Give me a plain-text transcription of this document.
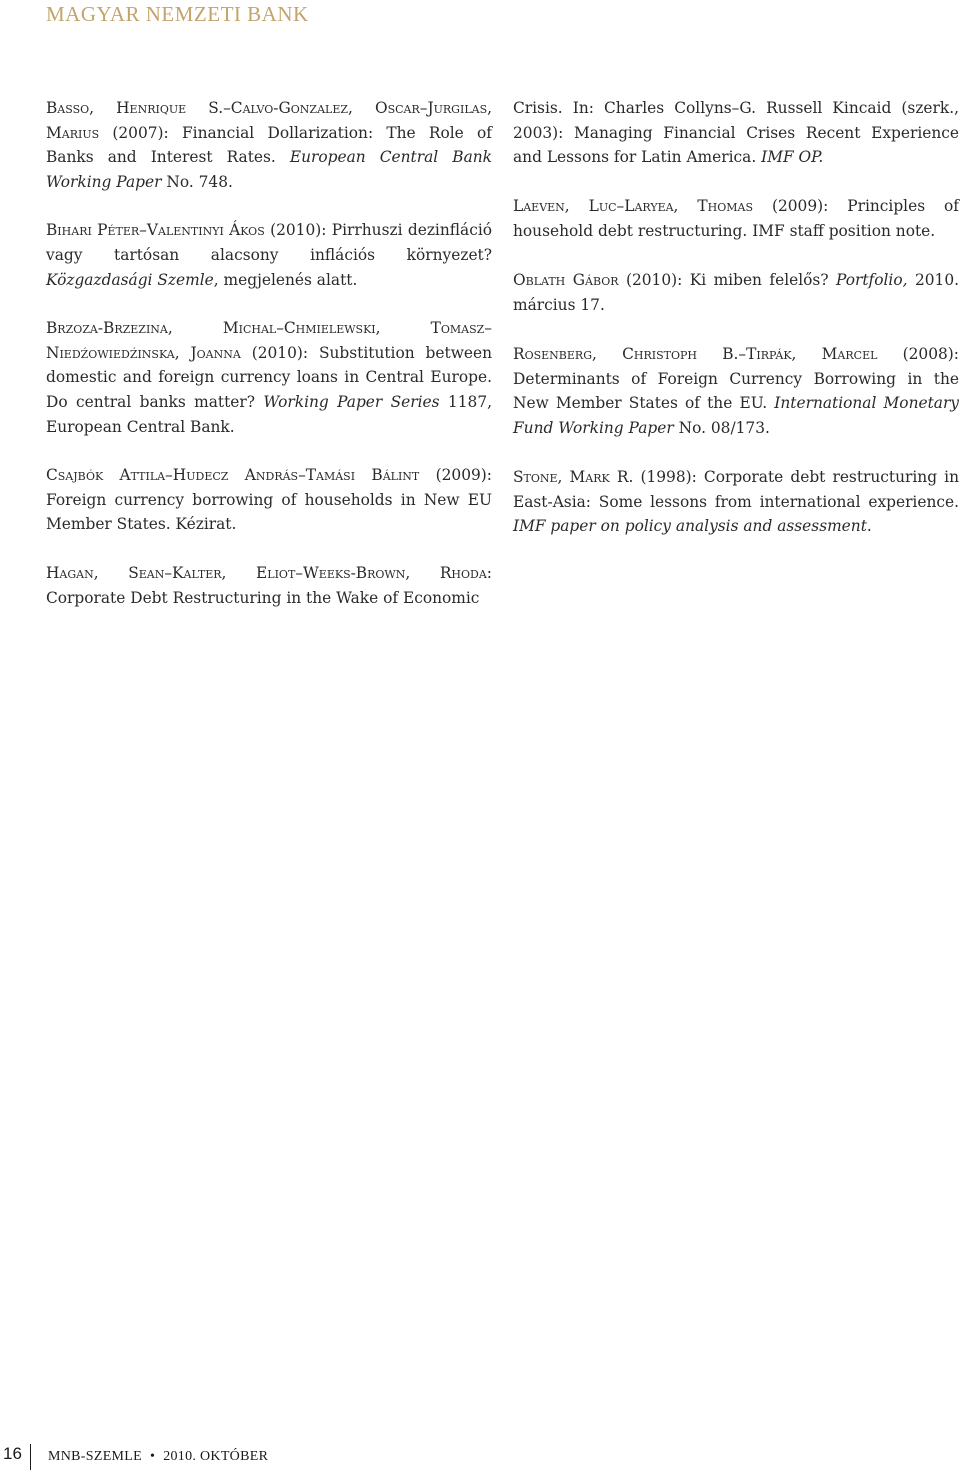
MAGYAR NEMZETI BANK

Basso, Henrique S.–Calvo-Gonzalez, Oscar–Jurgilas, Marius (2007): Financial Dollarization: The Role of Banks and Interest Rates. European Central Bank Working Paper No. 748.

Bihari Péter–Valentinyi Ákos (2010): Pirrhuszi dezinfláció vagy tartósan alacsony inflációs környezet? Közgazdasági Szemle, megjelenés alatt.

Brzoza-Brzezina, Michal–Chmielewski, Tomasz–Niedźowiedźinska, Joanna (2010): Substitution between domestic and foreign currency loans in Central Europe. Do central banks matter? Working Paper Series 1187, European Central Bank.

Csajbók Attila–Hudecz András–Tamási Bálint (2009): Foreign currency borrowing of households in New EU Member States. Kézirat.

Hagan, Sean–Kalter, Eliot–Weeks-Brown, Rhoda: Corporate Debt Restructuring in the Wake of Economic

Crisis. In: Charles Collyns–G. Russell Kincaid (szerk., 2003): Managing Financial Crises Recent Experience and Lessons for Latin America. IMF OP.

Laeven, Luc–Laryea, Thomas (2009): Principles of household debt restructuring. IMF staff position note.

Oblath Gábor (2010): Ki miben felelős? Portfolio, 2010. március 17.

Rosenberg, Christoph B.–Tirpák, Marcel (2008): Determinants of Foreign Currency Borrowing in the New Member States of the EU. International Monetary Fund Working Paper No. 08/173.

Stone, Mark R. (1998): Corporate debt restructuring in East-Asia: Some lessons from international experience. IMF paper on policy analysis and assessment.

16 MNB-SZEMLE • 2010. OKTÓBER
